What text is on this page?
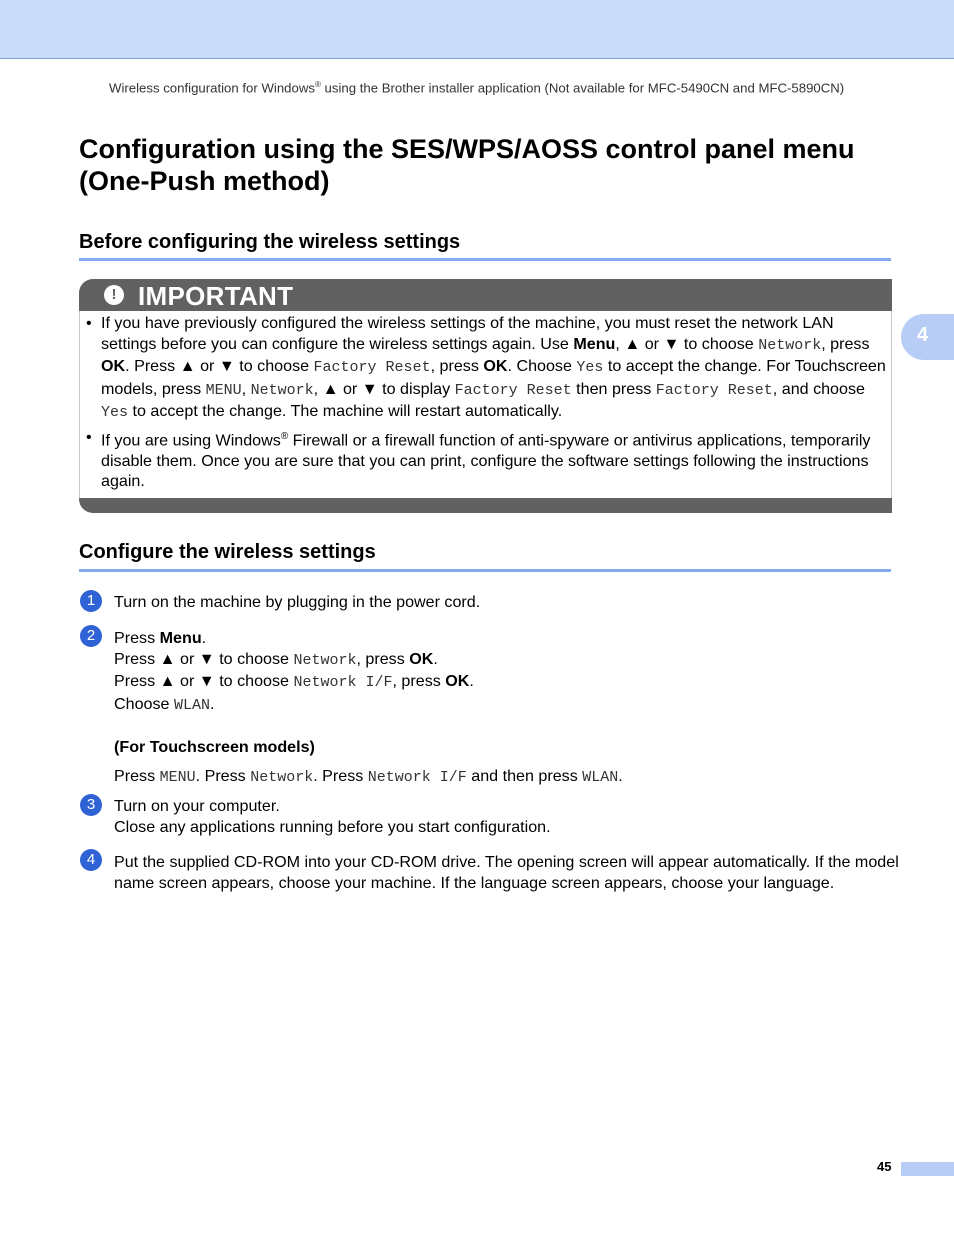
Wireless configuration for Windows® using the Brother installer application (Not available for MFC-5490CN and MFC-5890CN)
4
Configuration using the SES/WPS/AOSS control panel menu (One-Push method)
Before configuring the wireless settings
! IMPORTANT
• If you have previously configured the wireless settings of the machine, you must reset the network LAN settings before you can configure the wireless settings again. Use Menu, ▲ or ▼ to choose Network, press OK. Press ▲ or ▼ to choose Factory Reset, press OK. Choose Yes to accept the change. For Touchscreen models, press MENU, Network, ▲ or ▼ to display Factory Reset then press Factory Reset, and choose Yes to accept the change. The machine will restart automatically.
• If you are using Windows® Firewall or a firewall function of anti-spyware or antivirus applications, temporarily disable them. Once you are sure that you can print, configure the software settings following the instructions again.
Configure the wireless settings
1	Turn on the machine by plugging in the power cord.
2	Press Menu.
Press ▲ or ▼ to choose Network, press OK.
Press ▲ or ▼ to choose Network I/F, press OK.
Choose WLAN.
(For Touchscreen models)
Press MENU. Press Network. Press Network I/F and then press WLAN.
3	Turn on your computer.
Close any applications running before you start configuration.
4	Put the supplied CD-ROM into your CD-ROM drive. The opening screen will appear automatically. If the model name screen appears, choose your machine. If the language screen appears, choose your language.
45
